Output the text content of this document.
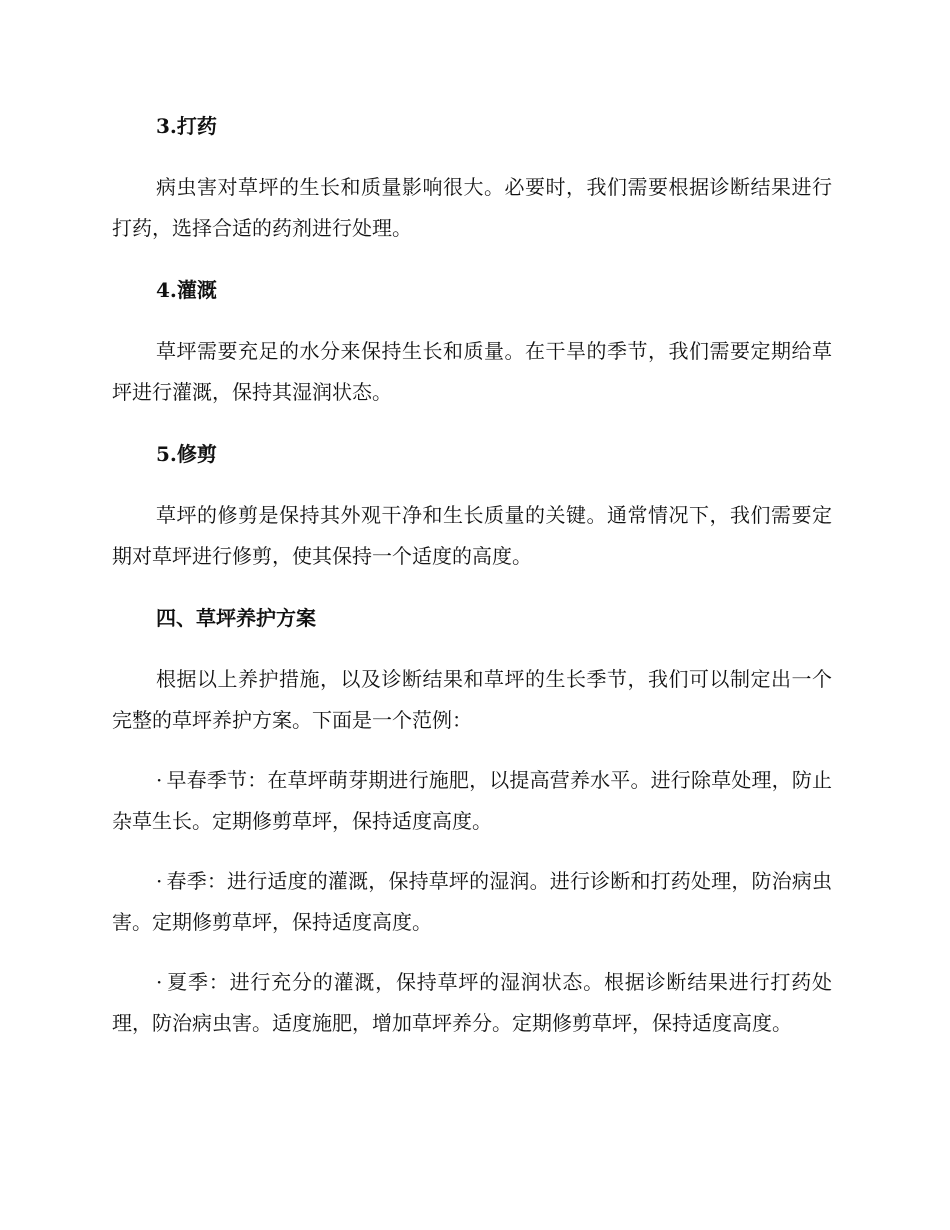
3.打药

病虫害对草坪的生长和质量影响很大。必要时，我们需要根据诊断结果进行打药，选择合适的药剂进行处理。

4.灌溉

草坪需要充足的水分来保持生长和质量。在干旱的季节，我们需要定期给草坪进行灌溉，保持其湿润状态。

5.修剪

草坪的修剪是保持其外观干净和生长质量的关键。通常情况下，我们需要定期对草坪进行修剪，使其保持一个适度的高度。

四、草坪养护方案

根据以上养护措施，以及诊断结果和草坪的生长季节，我们可以制定出一个完整的草坪养护方案。下面是一个范例：

· 早春季节：在草坪萌芽期进行施肥，以提高营养水平。进行除草处理，防止杂草生长。定期修剪草坪，保持适度高度。

· 春季：进行适度的灌溉，保持草坪的湿润。进行诊断和打药处理，防治病虫害。定期修剪草坪，保持适度高度。

· 夏季：进行充分的灌溉，保持草坪的湿润状态。根据诊断结果进行打药处理，防治病虫害。适度施肥，增加草坪养分。定期修剪草坪，保持适度高度。
